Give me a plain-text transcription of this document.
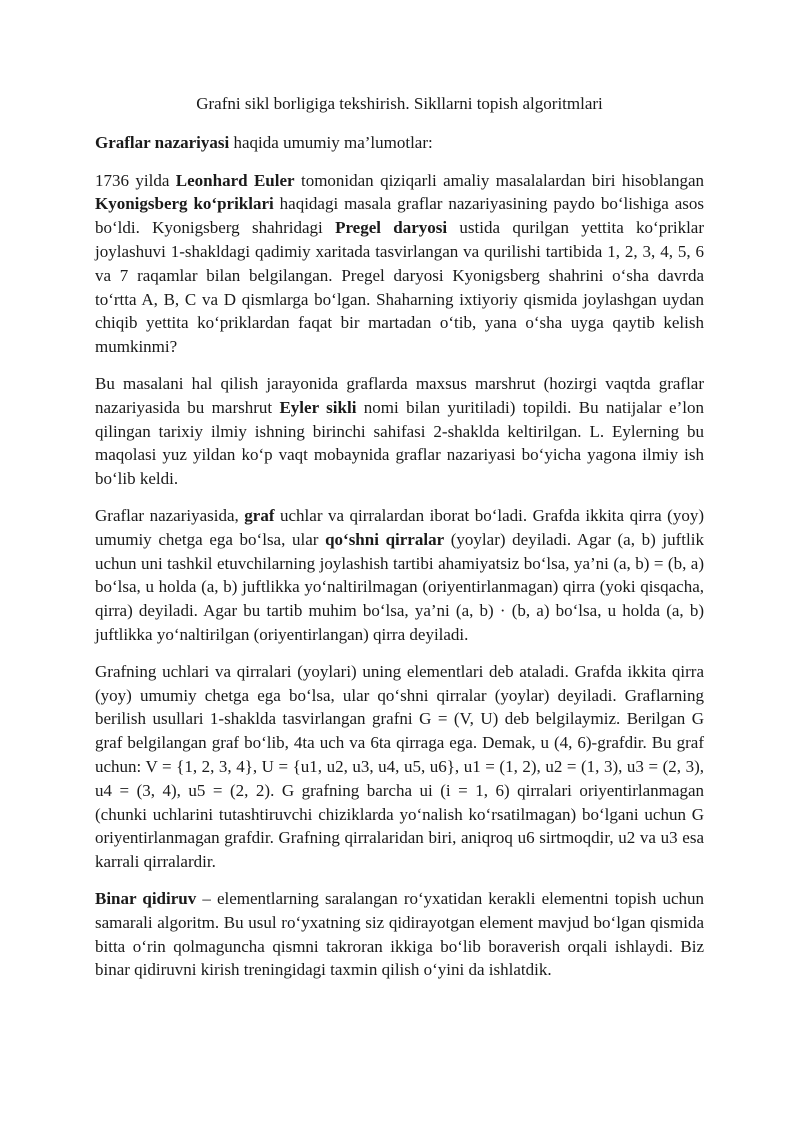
Grafni sikl borligiga tekshirish. Sikllarni topish algoritmlari
Graflar nazariyasi haqida umumiy ma’lumotlar:
1736 yilda Leonhard Euler tomonidan qiziqarli amaliy masalalardan biri hisoblangan Kyonigsberg ko‘priklari haqidagi masala graflar nazariyasining paydo bo‘lishiga asos bo‘ldi. Kyonigsberg shahridagi Pregel daryosi ustida qurilgan yettita ko‘priklar joylashuvi 1-shakldagi qadimiy xaritada tasvirlangan va qurilishi tartibida 1, 2, 3, 4, 5, 6 va 7 raqamlar bilan belgilangan. Pregel daryosi Kyonigsberg shahrini o‘sha davrda to‘rtta A, B, C va D qismlarga bo‘lgan. Shaharning ixtiyoriy qismida joylashgan uydan chiqib yettita ko‘priklardan faqat bir martadan o‘tib, yana o‘sha uyga qaytib kelish mumkinmi?
Bu masalani hal qilish jarayonida graflarda maxsus marshrut (hozirgi vaqtda graflar nazariyasida bu marshrut Eyler sikli nomi bilan yuritiladi) topildi. Bu natijalar e’lon qilingan tarixiy ilmiy ishning birinchi sahifasi 2-shaklda keltirilgan. L. Eylerning bu maqolasi yuz yildan ko‘p vaqt mobaynida graflar nazariyasi bo‘yicha yagona ilmiy ish bo‘lib keldi.
Graflar nazariyasida, graf uchlar va qirralardan iborat bo‘ladi. Grafda ikkita qirra (yoy) umumiy chetga ega bo‘lsa, ular qo‘shni qirralar (yoylar) deyiladi. Agar (a, b) juftlik uchun uni tashkil etuvchilarning joylashish tartibi ahamiyatsiz bo‘lsa, ya’ni (a, b) = (b, a) bo‘lsa, u holda (a, b) juftlikka yo‘naltirilmagan (oriyentirlanmagan) qirra (yoki qisqacha, qirra) deyiladi. Agar bu tartib muhim bo‘lsa, ya’ni (a, b) · (b, a) bo‘lsa, u holda (a, b) juftlikka yo‘naltirilgan (oriyentirlangan) qirra deyiladi.
Grafning uchlari va qirralari (yoylari) uning elementlari deb ataladi. Grafda ikkita qirra (yoy) umumiy chetga ega bo‘lsa, ular qo‘shni qirralar (yoylar) deyiladi. Graflarning berilish usullari 1-shaklda tasvirlangan grafni G = (V, U) deb belgilaymiz. Berilgan G graf belgilangan graf bo‘lib, 4ta uch va 6ta qirraga ega. Demak, u (4, 6)-grafdir. Bu graf uchun: V = {1, 2, 3, 4}, U = {u1, u2, u3, u4, u5, u6}, u1 = (1, 2), u2 = (1, 3), u3 = (2, 3), u4 = (3, 4), u5 = (2, 2). G grafning barcha ui (i = 1, 6) qirralari oriyentirlanmagan (chunki uchlarini tutashtiruvchi chiziklarda yo‘nalish ko‘rsatilmagan) bo‘lgani uchun G oriyentirlanmagan grafdir. Grafning qirralaridan biri, aniqroq u6 sirtmoqdir, u2 va u3 esa karrali qirralardir.
Binar qidiruv – elementlarning saralangan ro‘yxatidan kerakli elementni topish uchun samarali algoritm. Bu usul ro‘yxatning siz qidirayotgan element mavjud bo‘lgan qismida bitta o‘rin qolmaguncha qismni takroran ikkiga bo‘lib boraverish orqali ishlaydi. Biz binar qidiruvni kirish treningidagi taxmin qilish o‘yini da ishlatdik.
